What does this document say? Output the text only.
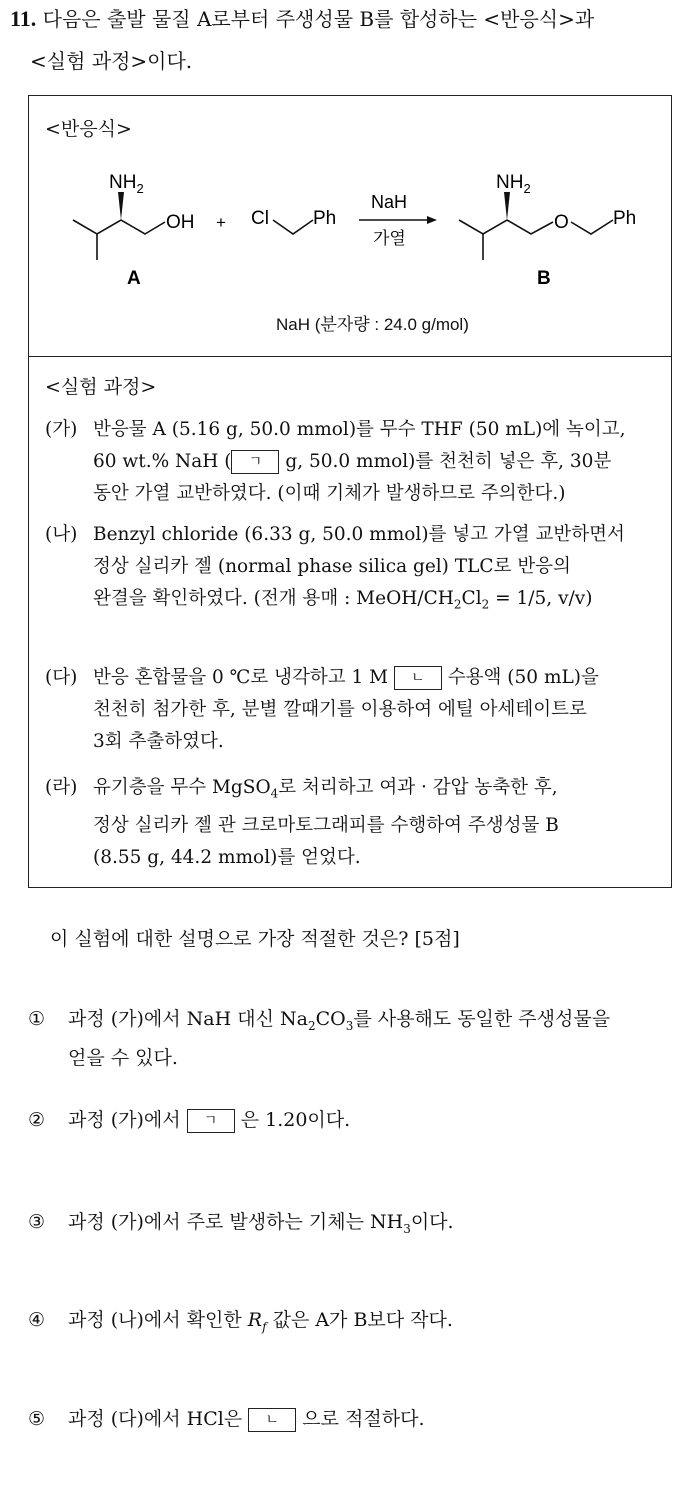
11. 다음은 출발 물질 A로부터 주생성물 B를 합성하는 <반응식>과
<실험 과정>이다.
<반응식>
$NH_2$
OH + Cl Ph
NaH
가열
$NH_2$
O Ph
A	B
NaH (분자량 : 24.0 g/mol)
<실험 과정>
(가) 반응물 A (5.16 g, 50.0 mmol)를 무수 THF (50 mL)에 녹이고,
60 wt.% NaH ( ㄱ g, 50.0 mmol)를 천천히 넣은 후, 30분
동안 가열 교반하였다. (이때 기체가 발생하므로 주의한다.)
(나) Benzyl chloride (6.33 g, 50.0 mmol)를 넣고 가열 교반하면서
정상 실리카 젤 (normal phase silica gel) TLC로 반응의
완결을 확인하였다. (전개 용매 : MeOH/$CH_2Cl_2 = 1/5$, v/v)
(다) 반응 혼합물을 0 ℃로 냉각하고 1 M ㄴ 수용액 (50 mL)을
천천히 첨가한 후, 분별 깔때기를 이용하여 에틸 아세테이트로
3회 추출하였다.
(라) 유기층을 무수 MgSO$_4$로 처리하고 여과 · 감압 농축한 후,
정상 실리카 젤 관 크로마토그래피를 수행하여 주생성물 B
(8.55 g, 44.2 mmol)를 얻었다.
이 실험에 대한 설명으로 가장 적절한 것은? [5점]
① 과정 (가)에서 NaH 대신 $Na_2CO_3$를 사용해도 동일한 주생성물을
얻을 수 있다.
② 과정 (가)에서 ㄱ 은 1.20이다.
③ 과정 (가)에서 주로 발생하는 기체는 $NH_3$이다.
④ 과정 (나)에서 확인한 $R_f$ 값은 A가 B보다 작다.
⑤ 과정 (다)에서 HCl은 ㄴ 으로 적절하다.
